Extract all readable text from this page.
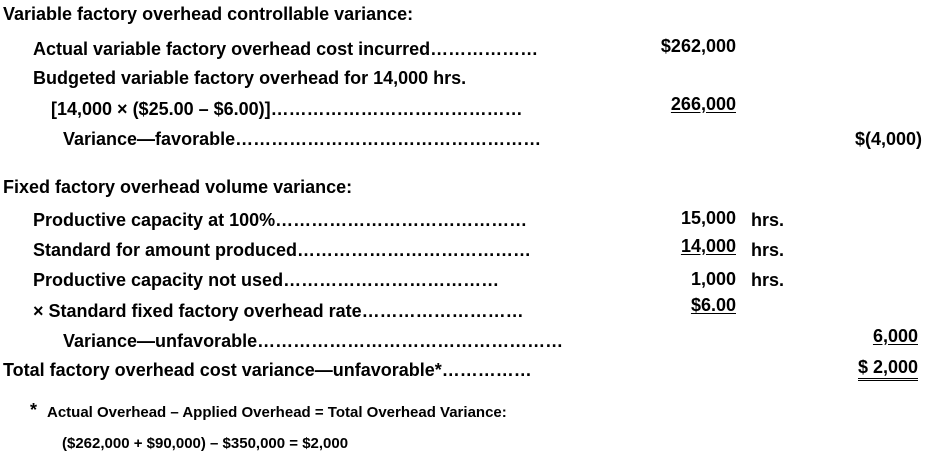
Variable factory overhead controllable variance:
Actual variable factory overhead cost incurred………………	$262,000
Budgeted variable factory overhead for 14,000 hrs.
[14,000 × ($25.00 – $6.00)]……………………………………	266,000
Variance—favorable……………………………………………	$(4,000)
Fixed factory overhead volume variance:
Productive capacity at 100%……………………………………	15,000 hrs.
Standard for amount produced…………………………………	14,000 hrs.
Productive capacity not used………………………………	1,000 hrs.
× Standard fixed factory overhead rate………………………	$6.00
Variance—unfavorable……………………………………………	6,000
Total factory overhead cost variance—unfavorable*……………	$ 2,000
* Actual Overhead – Applied Overhead = Total Overhead Variance:
($262,000 + $90,000) – $350,000 = $2,000
